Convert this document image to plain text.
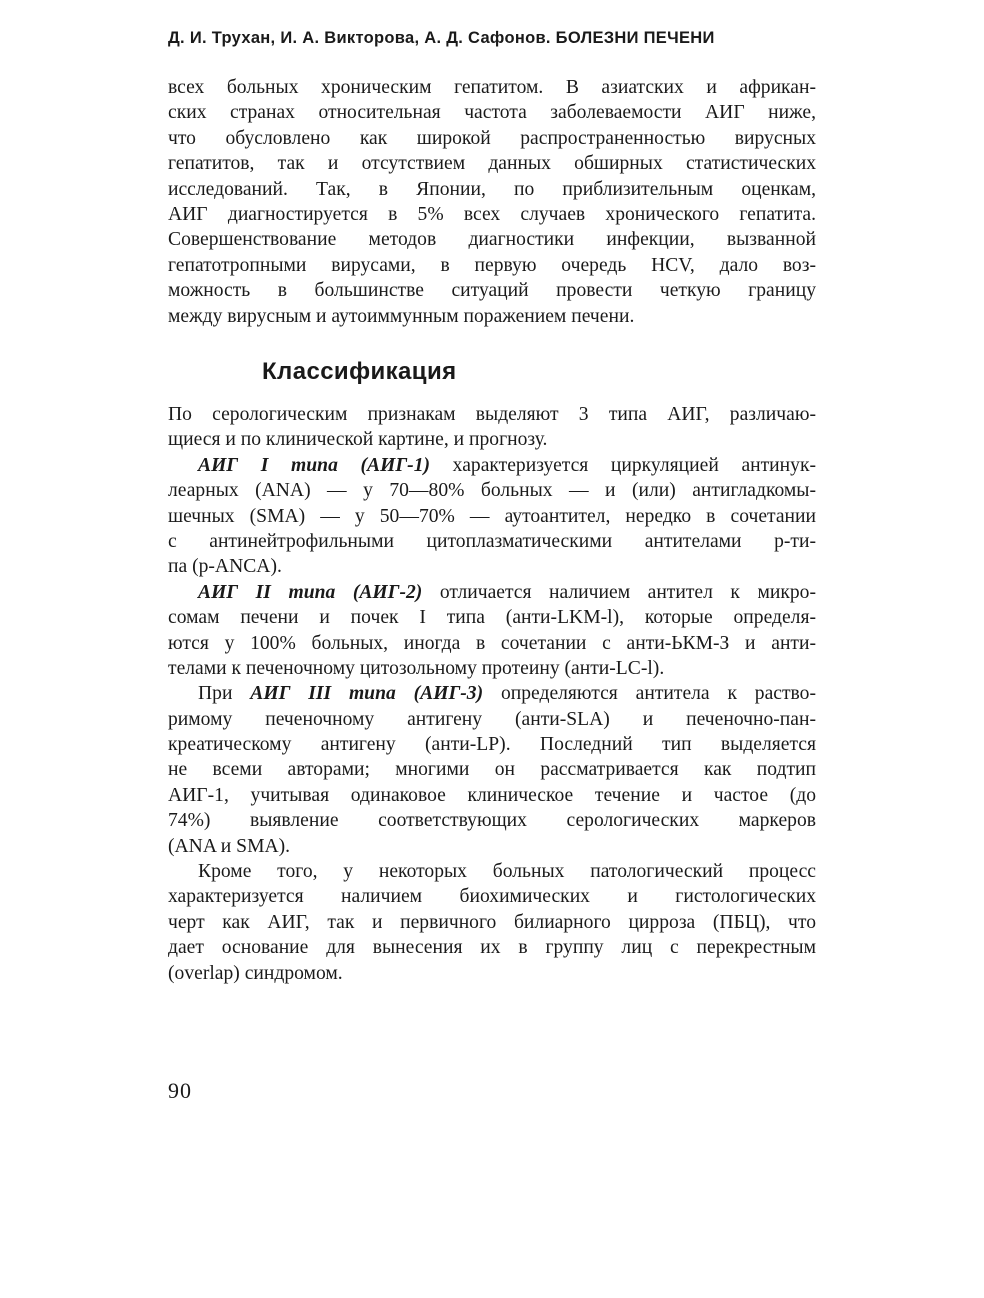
Д. И. Трухан, И. А. Викторова, А. Д. Сафонов. БОЛЕЗНИ ПЕЧЕНИ
всех больных хроническим гепатитом. В азиатских и африкан-
ских странах относительная частота заболеваемости АИГ ниже,
что обусловлено как широкой распространенностью вирусных
гепатитов, так и отсутствием данных обширных статистических
исследований. Так, в Японии, по приблизительным оценкам,
АИГ диагностируется в 5% всех случаев хронического гепатита.
Совершенствование методов диагностики инфекции, вызванной
гепатотропными вирусами, в первую очередь HCV, дало воз-
можность в большинстве ситуаций провести четкую границу
между вирусным и аутоиммунным поражением печени.
Классификация
По серологическим признакам выделяют 3 типа АИГ, различаю-
щиеся и по клинической картине, и прогнозу.
АИГ I типа (АИГ-1) характеризуется циркуляцией антинук-
леарных (ANA) — у 70—80% больных — и (или) антигладкомы-
шечных (SMA) — у 50—70% — аутоантител, нередко в сочетании
с антинейтрофильными цитоплазматическими антителами р-ти-
па (p-ANCA).
АИГ II типа (АИГ-2) отличается наличием антител к микро-
сомам печени и почек I типа (анти-LKM-l), которые определя-
ются у 100% больных, иногда в сочетании с анти-ЬКМ-З и анти-
телами к печеночному цитозольному протеину (анти-LC-l).
При АИГ III типа (АИГ-3) определяются антитела к раство-
римому печеночному антигену (анти-SLA) и печеночно-пан-
креатическому антигену (анти-LP). Последний тип выделяется
не всеми авторами; многими он рассматривается как подтип
АИГ-1, учитывая одинаковое клиническое течение и частое (до
74%) выявление соответствующих серологических маркеров
(ANA и SMA).
Кроме того, у некоторых больных патологический процесс
характеризуется наличием биохимических и гистологических
черт как АИГ, так и первичного билиарного цирроза (ПБЦ), что
дает основание для вынесения их в группу лиц с перекрестным
(overlap) синдромом.
90
